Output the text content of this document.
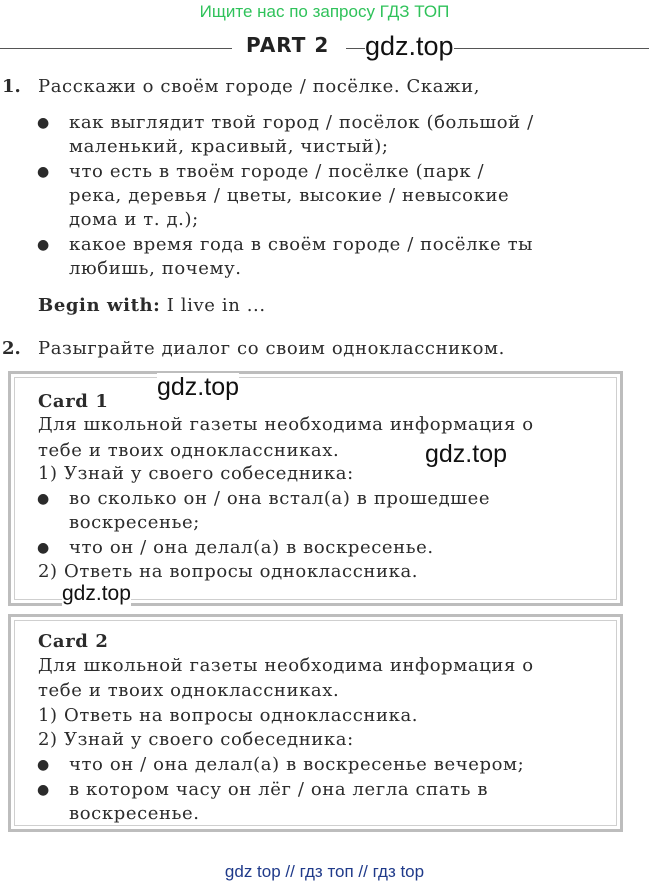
Ищите нас по запросу ГДЗ ТОП
PART 2 gdz.top
1. Расскажи о своём городе / посёлке. Скажи,
● как выглядит твой город / посёлок (большой /
маленький, красивый, чистый);
● что есть в твоём городе / посёлке (парк /
река, деревья / цветы, высокие / невысокие
дома и т. д.);
● какое время года в своём городе / посёлке ты
любишь, почему.
Begin with: I live in ...
2. Разыграйте диалог со своим одноклассником.
Card 1
gdz.top
Для школьной газеты необходима информация о
тебе и твоих одноклассниках.	gdz.top
1) Узнай у своего собеседника:
● во сколько он / она встал(а) в прошедшее
воскресенье;
● что он / она делал(а) в воскресенье.
2) Ответь на вопросы одноклассника.
gdz.top
Card 2
Для школьной газеты необходима информация о
тебе и твоих одноклассниках.
1) Ответь на вопросы одноклассника.
2) Узнай у своего собеседника:
● что он / она делал(а) в воскресенье вечером;
● в котором часу он лёг / она легла спать в
воскресенье.
gdz top // гдз топ // гдз top
